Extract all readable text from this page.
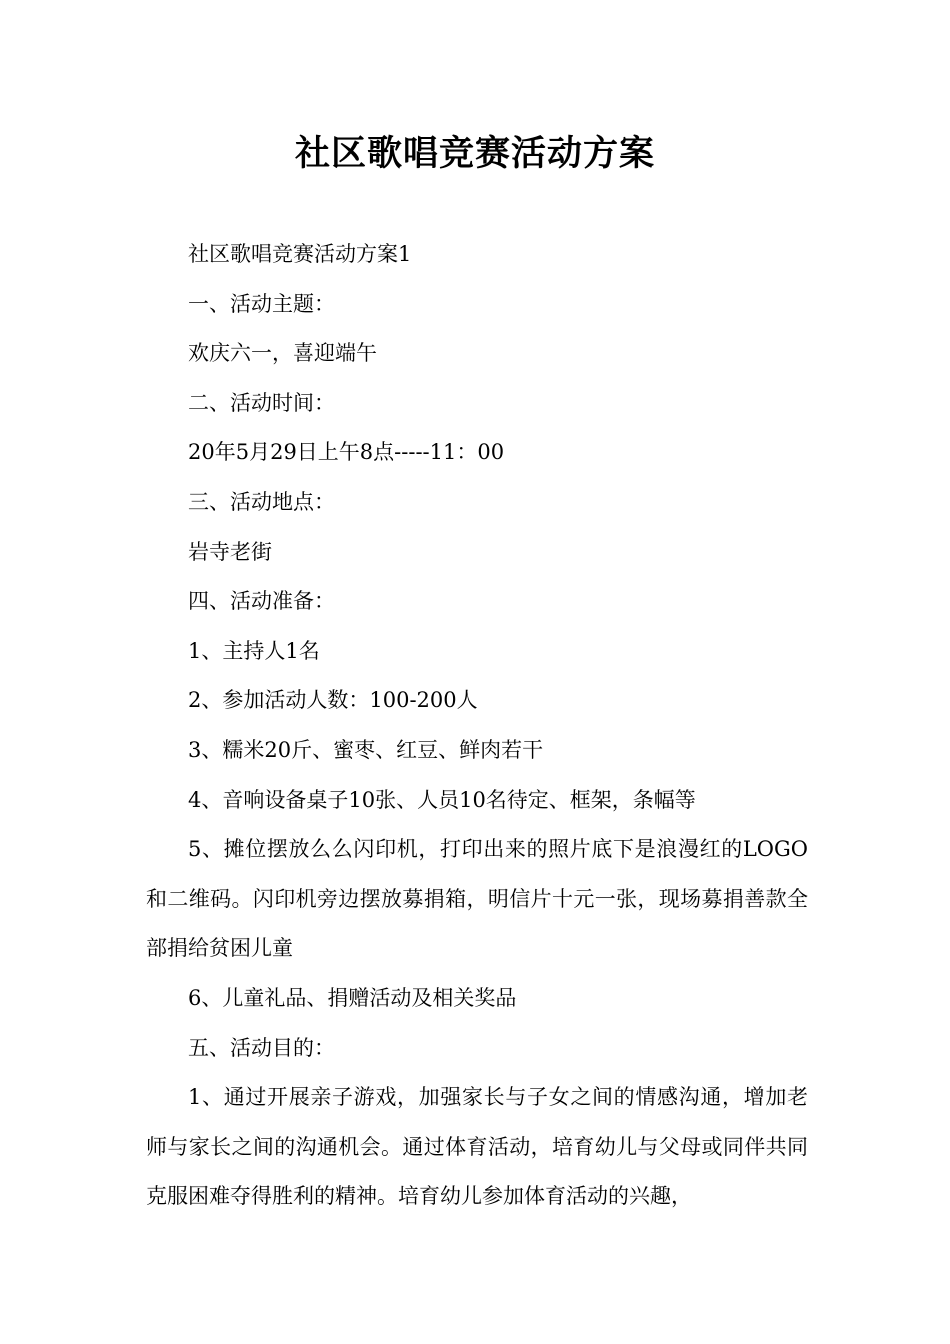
社区歌唱竞赛活动方案

社区歌唱竞赛活动方案1

一、活动主题：

欢庆六一，喜迎端午

二、活动时间：

20年5月29日上午8点-----11：00

三、活动地点：

岩寺老街

四、活动准备：

1、主持人1名

2、参加活动人数：100-200人

3、糯米20斤、蜜枣、红豆、鲜肉若干

4、音响设备桌子10张、人员10名待定、框架，条幅等

5、摊位摆放么么闪印机，打印出来的照片底下是浪漫红的LOGO和二维码。闪印机旁边摆放募捐箱，明信片十元一张，现场募捐善款全部捐给贫困儿童

6、儿童礼品、捐赠活动及相关奖品

五、活动目的：

1、通过开展亲子游戏，加强家长与子女之间的情感沟通，增加老师与家长之间的沟通机会。通过体育活动，培育幼儿与父母或同伴共同克服困难夺得胜利的精神。培育幼儿参加体育活动的兴趣，
